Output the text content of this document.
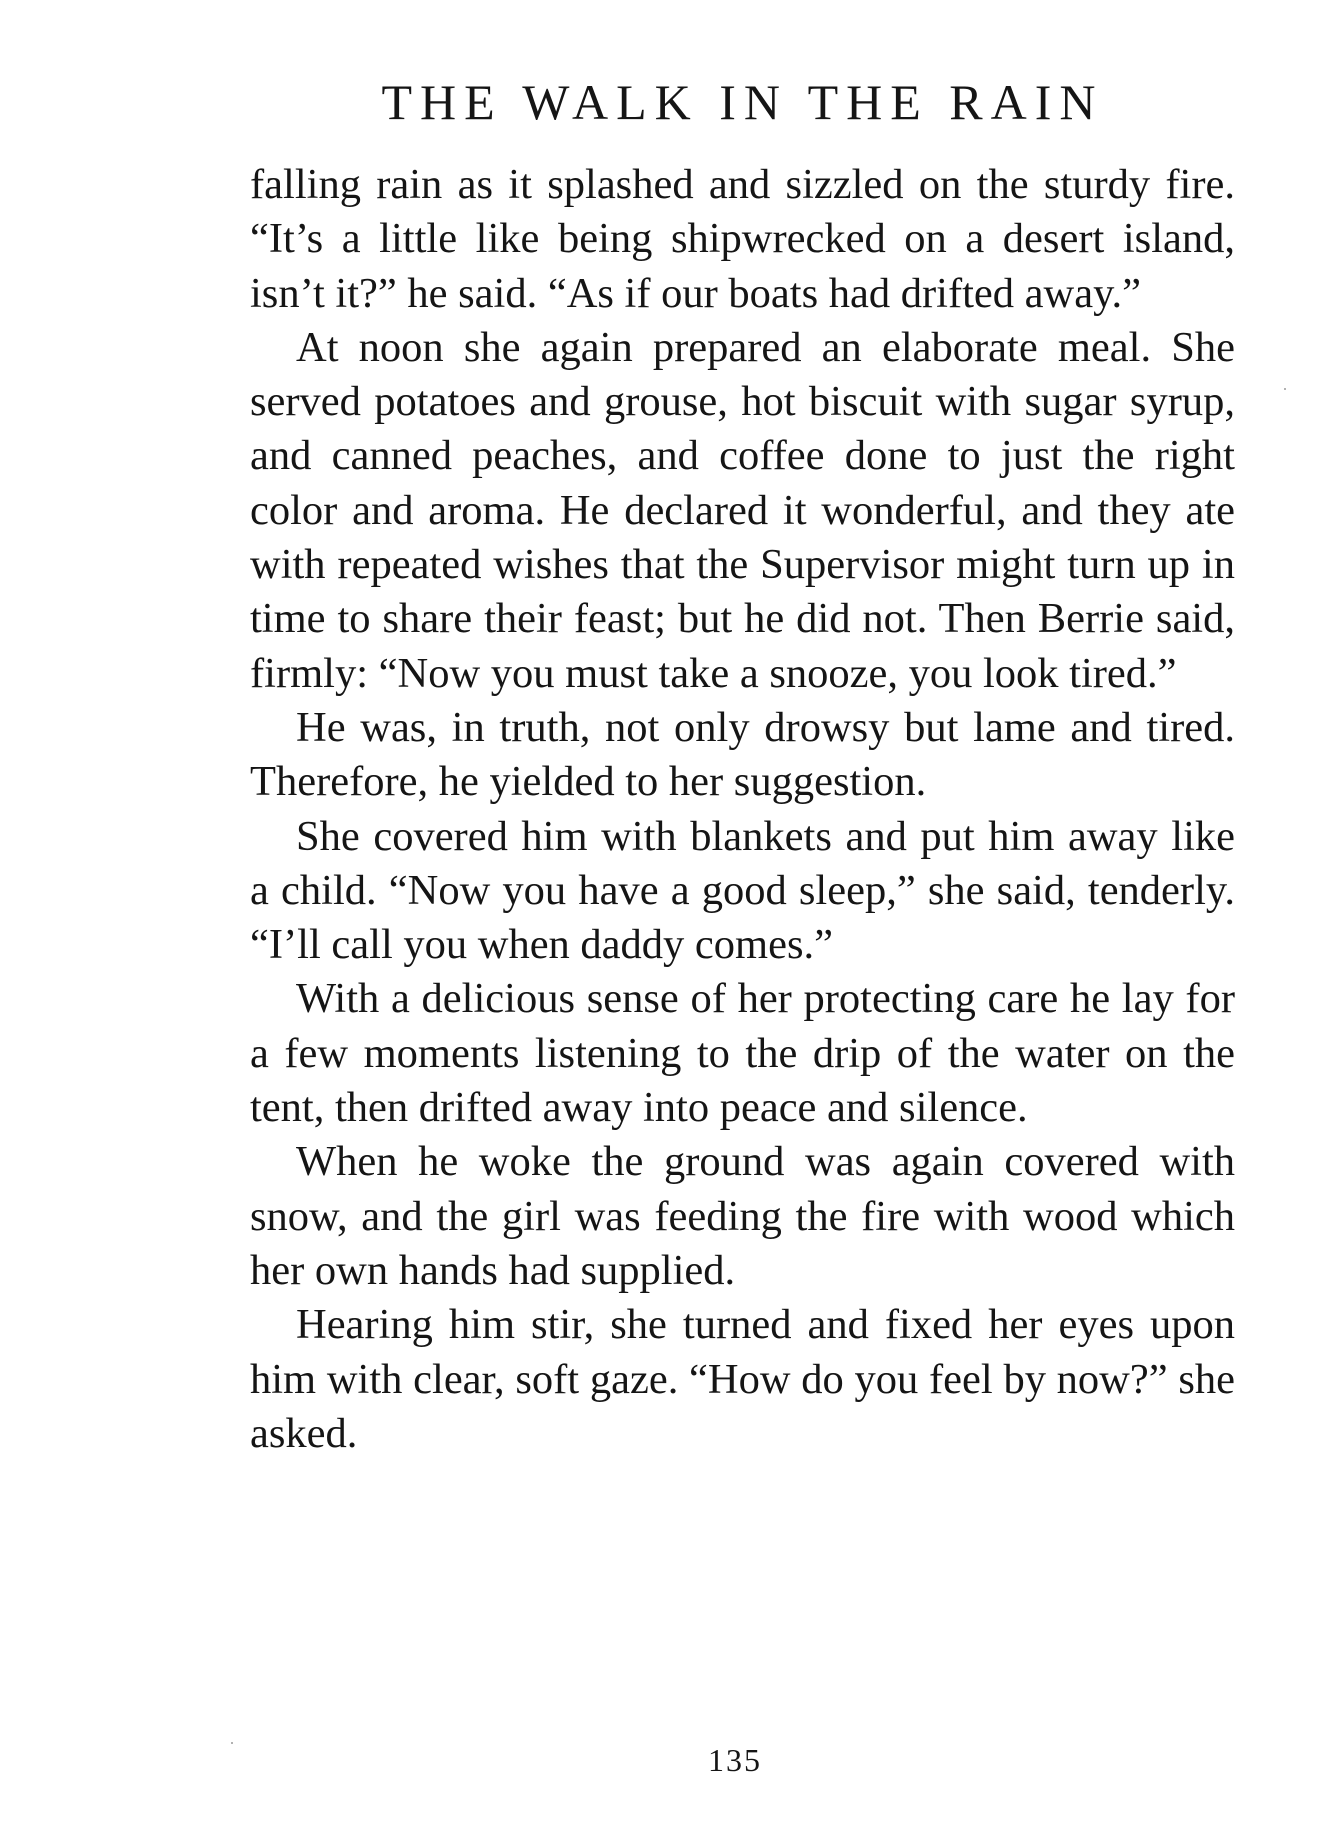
THE WALK IN THE RAIN

falling rain as it splashed and sizzled on the sturdy fire. “It’s a little like being shipwrecked on a desert island, isn’t it?” he said. “As if our boats had drifted away.”

At noon she again prepared an elaborate meal. She served potatoes and grouse, hot biscuit with sugar syrup, and canned peaches, and coffee done to just the right color and aroma. He declared it wonderful, and they ate with repeated wishes that the Supervisor might turn up in time to share their feast; but he did not. Then Berrie said, firmly: “Now you must take a snooze, you look tired.”

He was, in truth, not only drowsy but lame and tired. Therefore, he yielded to her suggestion.

She covered him with blankets and put him away like a child. “Now you have a good sleep,” she said, tenderly. “I’ll call you when daddy comes.”

With a delicious sense of her protecting care he lay for a few moments listening to the drip of the water on the tent, then drifted away into peace and silence.

When he woke the ground was again covered with snow, and the girl was feeding the fire with wood which her own hands had supplied.

Hearing him stir, she turned and fixed her eyes upon him with clear, soft gaze. “How do you feel by now?” she asked.

135
